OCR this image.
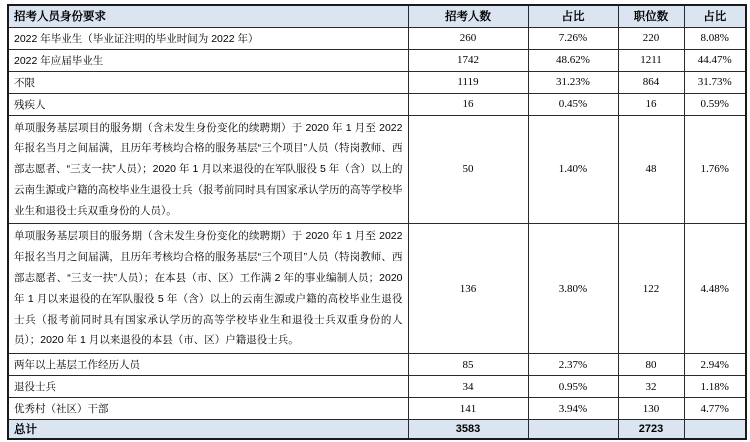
招考人员身份要求	招考人数	占比	职位数	占比
2022 年毕业生（毕业证注明的毕业时间为 2022 年）	260	7.26%	220	8.08%
2022 年应届毕业生	1742	48.62%	1211	44.47%
不限	1119	31.23%	864	31.73%
残疾人	16	0.45%	16	0.59%
单项服务基层项目的服务期（含未发生身份变化的续聘期）于 2020 年 1 月至 2022 年报名当月之间届满，且历年考核均合格的服务基层“三个项目”人员（特岗教师、西部志愿者、“三支一扶”人员）；2020 年 1 月以来退役的在军队服役 5 年（含）以上的云南生源或户籍的高校毕业生退役士兵（报考前同时具有国家承认学历的高等学校毕业生和退役士兵双重身份的人员）。	50	1.40%	48	1.76%
单项服务基层项目的服务期（含未发生身份变化的续聘期）于 2020 年 1 月至 2022 年报名当月之间届满，且历年考核均合格的服务基层“三个项目”人员（特岗教师、西部志愿者、“三支一扶”人员）；在本县（市、区）工作满 2 年的事业编制人员；2020 年 1 月以来退役的在军队服役 5 年（含）以上的云南生源或户籍的高校毕业生退役士兵（报考前同时具有国家承认学历的高等学校毕业生和退役士兵双重身份的人员）；2020 年 1 月以来退役的本县（市、区）户籍退役士兵。	136	3.80%	122	4.48%
两年以上基层工作经历人员	85	2.37%	80	2.94%
退役士兵	34	0.95%	32	1.18%
优秀村（社区）干部	141	3.94%	130	4.77%
总计	3583		2723	
